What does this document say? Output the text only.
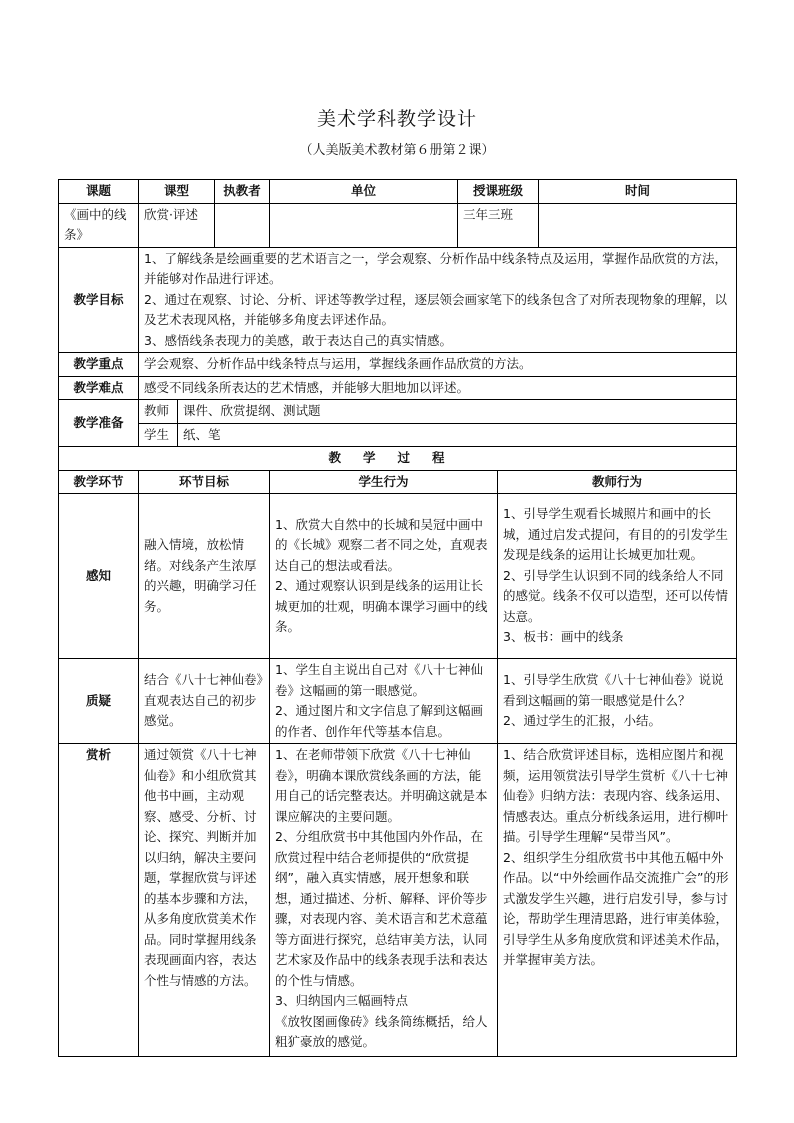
美术学科教学设计
（人美版美术教材第６册第２课）
课题	课型		执教者	单位	授课班级		时间
《画中的线条》	欣赏·评述				三年三班		
教学目标	1、了解线条是绘画重要的艺术语言之一，学会观察、分析作品中线条特点及运用，掌握作品欣赏的方法，并能够对作品进行评述。
2、通过在观察、讨论、分析、评述等教学过程，逐层领会画家笔下的线条包含了对所表现物象的理解，以及艺术表现风格，并能够多角度去评述作品。
3、感悟线条表现力的美感，敢于表达自己的真实情感。						

教学重点	学会观察、分析作品中线条特点与运用，掌握线条画作品欣赏的方法。						
教学难点	感受不同线条所表达的艺术情感，并能够大胆地加以评述。						
教学准备	教师	课件、欣赏提纲、测试题					
	学生	纸、笔					
教学过程							
教学环节	环节目标			学生行为		教师行为	
感知	融入情境，放松情绪。对线条产生浓厚的兴趣，明确学习任务。			1、欣赏大自然中的长城和吴冠中画中的《长城》观察二者不同之处，直观表达自己的想法或看法。
2、通过观察认识到是线条的运用让长城更加的壮观，明确本课学习画中的线条。		1、引导学生观看长城照片和画中的长城，通过启发式提问，有目的的引发学生发现是线条的运用让长城更加壮观。
2、引导学生认识到不同的线条给人不同的感觉。线条不仅可以造型，还可以传情达意。
3、板书：画中的线条	
质疑	结合《八十七神仙卷》直观表达自己的初步感觉。			1、学生自主说出自己对《八十七神仙卷》这幅画的第一眼感觉。
2、通过图片和文字信息了解到这幅画的作者、创作年代等基本信息。		1、引导学生欣赏《八十七神仙卷》说说看到这幅画的第一眼感觉是什么？
2、通过学生的汇报，小结。	
赏析	通过领赏《八十七神仙卷》和小组欣赏其他书中画，主动观察、感受、分析、讨论、探究、判断并加以归纳，解决主要问题，掌握欣赏与评述的基本步骤和方法，从多角度欣赏美术作品。同时掌握用线条表现画面内容，表达个性与情感的方法。			1、在老师带领下欣赏《八十七神仙卷》，明确本课欣赏线条画的方法，能用自己的话完整表达。并明确这就是本课应解决的主要问题。
2、分组欣赏书中其他国内外作品，在欣赏过程中结合老师提供的“欣赏提纲”，融入真实情感，展开想象和联想，通过描述、分析、解释、评价等步骤，对表现内容、美术语言和艺术意蕴等方面进行探究，总结审美方法，认同艺术家及作品中的线条表现手法和表达的个性与情感。
3、归纳国内三幅画特点
《放牧图画像砖》线条简练概括，给人粗犷豪放的感觉。		1、结合欣赏评述目标，选相应图片和视频，运用领赏法引导学生赏析《八十七神仙卷》归纳方法：表现内容、线条运用、情感表达。重点分析线条运用，进行柳叶描。引导学生理解“吴带当风”。
2、组织学生分组欣赏书中其他五幅中外作品。以“中外绘画作品交流推广会”的形式激发学生兴趣，进行启发引导，参与讨论，帮助学生理清思路，进行审美体验，引导学生从多角度欣赏和评述美术作品，并掌握审美方法。	
